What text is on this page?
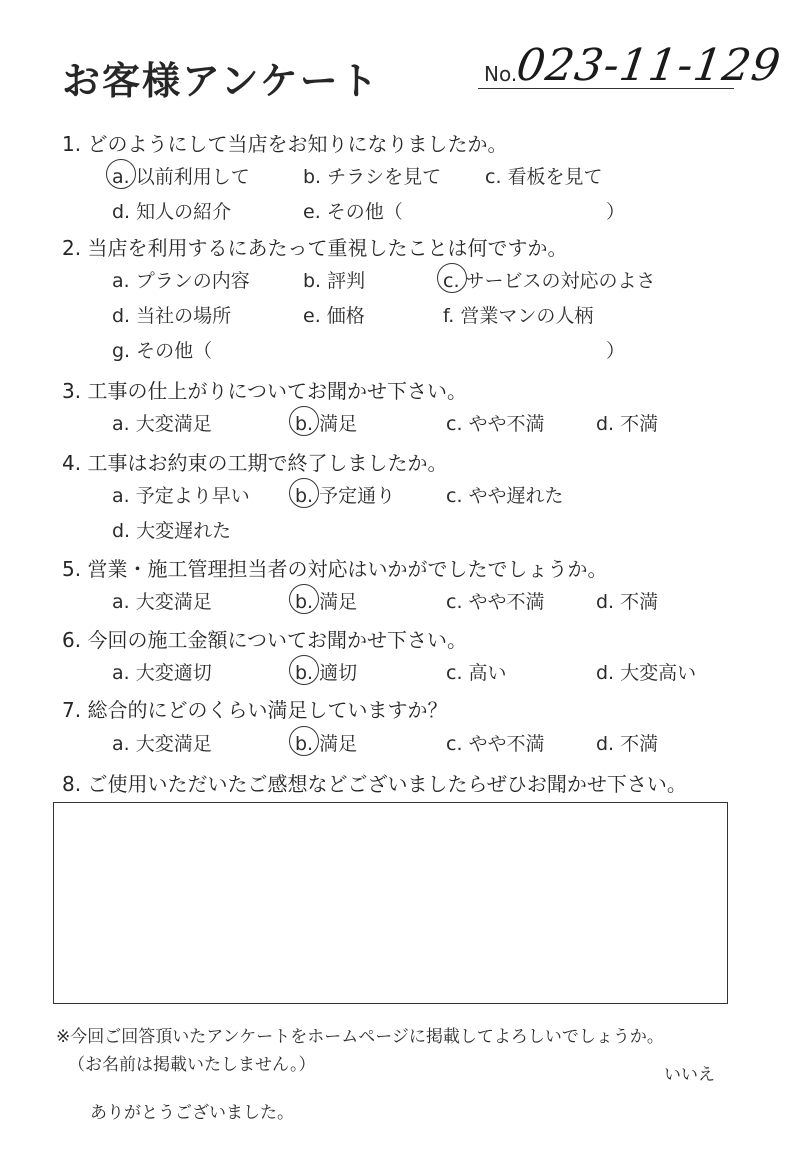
お客様アンケート	No.
023-11-129
1. どのようにして当店をお知りになりましたか。
a. 以前利用して	b. チラシを見て c. 看板を見て
d. 知人の紹介	e. その他（	）
2. 当店を利用するにあたって重視したことは何ですか。
a. プランの内容	b. 評判	c. サービスの対応のよさ
d. 当社の場所	e. 価格	f. 営業マンの人柄
g. その他（	）
3. 工事の仕上がりについてお聞かせ下さい。
a. 大変満足	b. 満足	c. やや不満	d. 不満
4. 工事はお約束の工期で終了しましたか。
a. 予定より早い b. 予定通り	c. やや遅れた
d. 大変遅れた
5. 営業・施工管理担当者の対応はいかがでしたでしょうか。
a. 大変満足	b. 満足	c. やや不満	d. 不満
6. 今回の施工金額についてお聞かせ下さい。
a. 大変適切	b. 適切	c. 高い	d. 大変高い
7. 総合的にどのくらい満足していますか？
a. 大変満足	b. 満足	c. やや不満	d. 不満
8. ご使用いただいたご感想などございましたらぜひお聞かせ下さい。
※今回ご回答頂いたアンケートをホームページに掲載してよろしいでしょうか。
（お名前は掲載いたしません。）	いいえ
ありがとうございました。
